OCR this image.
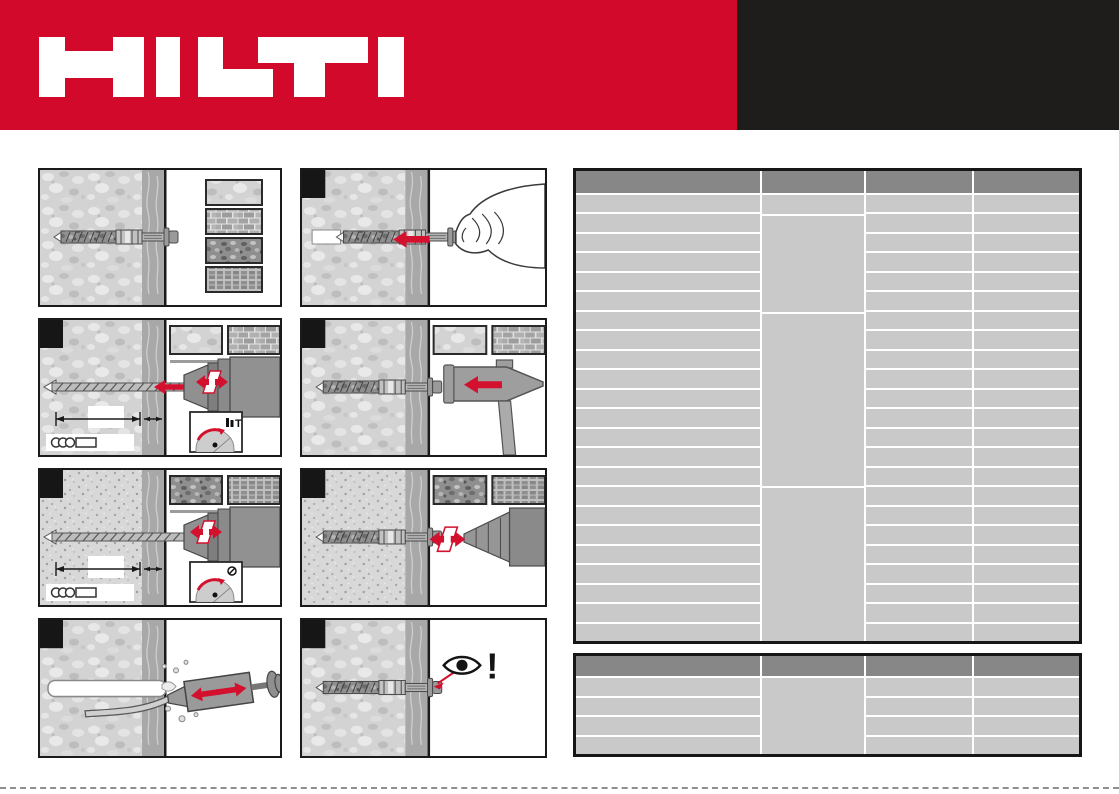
T
!
